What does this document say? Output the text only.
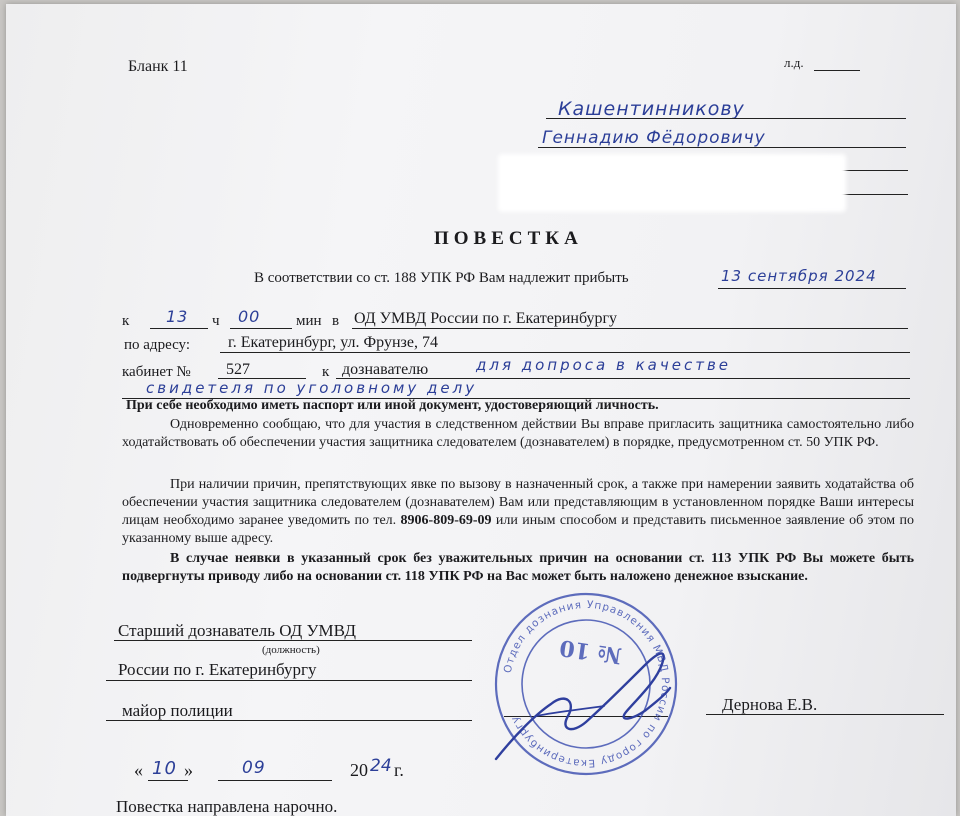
Бланк 11	л.д.
Кашентинникову
Геннадию Фёдоровичу
ПОВЕСТКА
В соответствии со ст. 188 УПК РФ Вам надлежит прибыть	13 сентября 2024
к 13 ч 00 мин в ОД УМВД России по г. Екатеринбургу
по адресу: г. Екатеринбург, ул. Фрунзе, 74
кабинет № 527	к дознавателю	для допроса в качестве
свидетеля по уголовному делу
При себе необходимо иметь паспорт или иной документ, удостоверяющий личность.
Одновременно сообщаю, что для участия в следственном действии Вы вправе пригласить защитника самостоятельно либо ходатайствовать об обеспечении участия защитника следователем (дознавателем) в порядке, предусмотренном ст. 50 УПК РФ.
При наличии причин, препятствующих явке по вызову в назначенный срок, а также при намерении заявить ходатайства об обеспечении участия защитника следователем (дознавателем) Вам или представляющим в установленном порядке Ваши интересы лицам необходимо заранее уведомить по тел. 8906-809-69-09 или иным способом и представить письменное заявление об этом по указанному выше адресу.
В случае неявки в указанный срок без уважительных причин на основании ст. 113 УПК РФ Вы можете быть подвергнуты приводу либо на основании ст. 118 УПК РФ на Вас может быть наложено денежное взыскание.
Старший дознаватель ОД УМВД
(должность)
России по г. Екатеринбургу
майор полиции	Дернова Е.В.
« 10 »	09	20 24 г.
Повестка направлена нарочно.
Отдел дознания Управления МВД России по городу Екатеринбургу
№ 10
